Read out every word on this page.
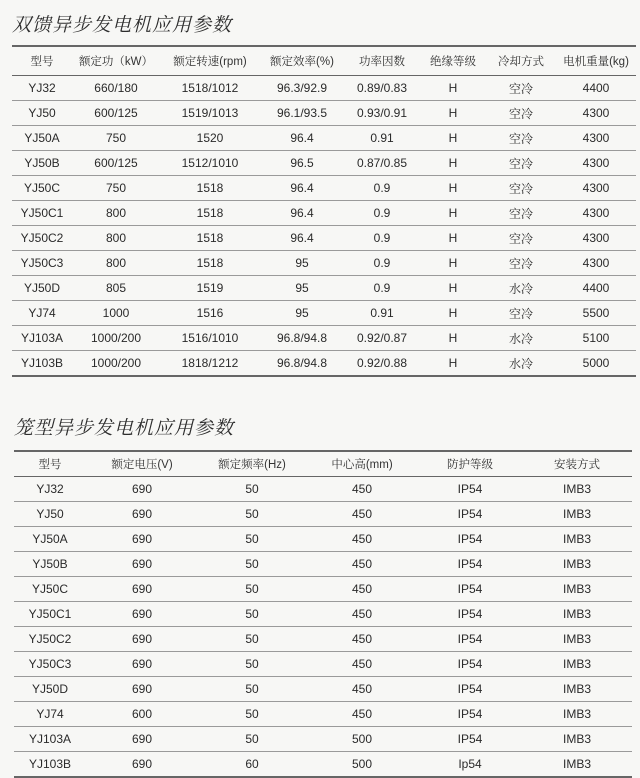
双馈异步发电机应用参数
型号	额定功（kW）	额定转速(rpm)	额定效率(%)	功率因数	绝缘等级	冷却方式	电机重量(kg)
YJ32	660/180	1518/1012	96.3/92.9	0.89/0.83	H	空冷	4400
YJ50	600/125	1519/1013	96.1/93.5	0.93/0.91	H	空冷	4300
YJ50A	750	1520	96.4	0.91	H	空冷	4300
YJ50B	600/125	1512/1010	96.5	0.87/0.85	H	空冷	4300
YJ50C	750	1518	96.4	0.9	H	空冷	4300
YJ50C1	800	1518	96.4	0.9	H	空冷	4300
YJ50C2	800	1518	96.4	0.9	H	空冷	4300
YJ50C3	800	1518	95	0.9	H	空冷	4300
YJ50D	805	1519	95	0.9	H	水冷	4400
YJ74	1000	1516	95	0.91	H	空冷	5500
YJ103A	1000/200	1516/1010	96.8/94.8	0.92/0.87	H	水冷	5100
YJ103B	1000/200	1818/1212	96.8/94.8	0.92/0.88	H	水冷	5000
笼型异步发电机应用参数
型号	额定电压(V)	额定频率(Hz)	中心高(mm)	防护等级	安装方式
YJ32	690	50	450	IP54	IMB3
YJ50	690	50	450	IP54	IMB3
YJ50A	690	50	450	IP54	IMB3
YJ50B	690	50	450	IP54	IMB3
YJ50C	690	50	450	IP54	IMB3
YJ50C1	690	50	450	IP54	IMB3
YJ50C2	690	50	450	IP54	IMB3
YJ50C3	690	50	450	IP54	IMB3
YJ50D	690	50	450	IP54	IMB3
YJ74	600	50	450	IP54	IMB3
YJ103A	690	50	500	IP54	IMB3
YJ103B	690	60	500	Ip54	IMB3
